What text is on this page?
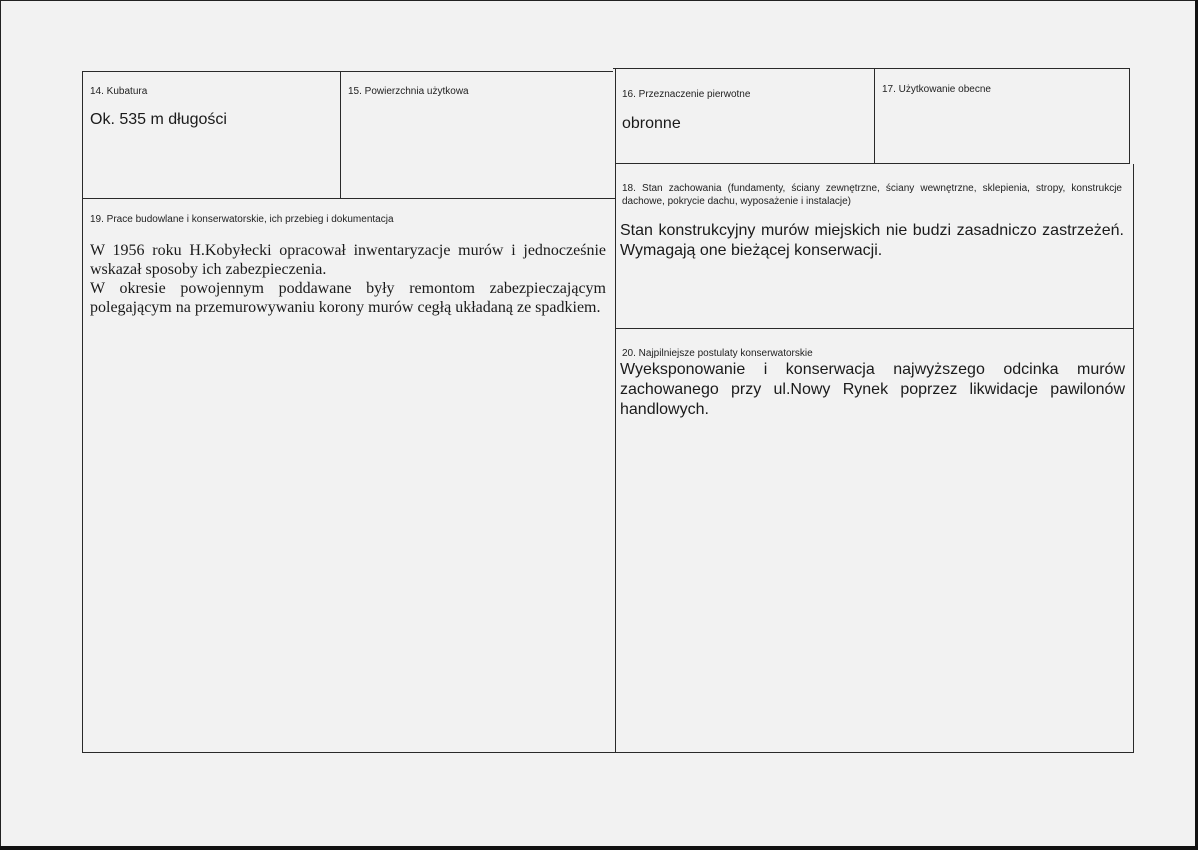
14. Kubatura
Ok. 535 m długości
15. Powierzchnia użytkowa	16. Przeznaczenie pierwotne
obronne
17. Użytkowanie obecne
18. Stan zachowania (fundamenty, ściany zewnętrzne, ściany wewnętrzne, sklepienia, stropy, konstrukcje dachowe, pokrycie dachu, wyposażenie i instalacje)
Stan konstrukcyjny murów miejskich nie budzi zasadniczo zastrzeżeń. Wymagają one bieżącej konserwacji.
19. Prace budowlane i konserwatorskie, ich przebieg i dokumentacja

W 1956 roku H.Kobyłecki opracował inwentaryzacje murów i jednocześnie wskazał sposoby ich zabezpieczenia.

W okresie powojennym poddawane były remontom zabezpieczającym polegającym na przemurowywaniu korony murów cegłą układaną ze spadkiem.

20. Najpilniejsze postulaty konserwatorskie
Wyeksponowanie i konserwacja najwyższego odcinka murów zachowanego przy ul.Nowy Rynek poprzez likwidacje pawilonów handlowych.
